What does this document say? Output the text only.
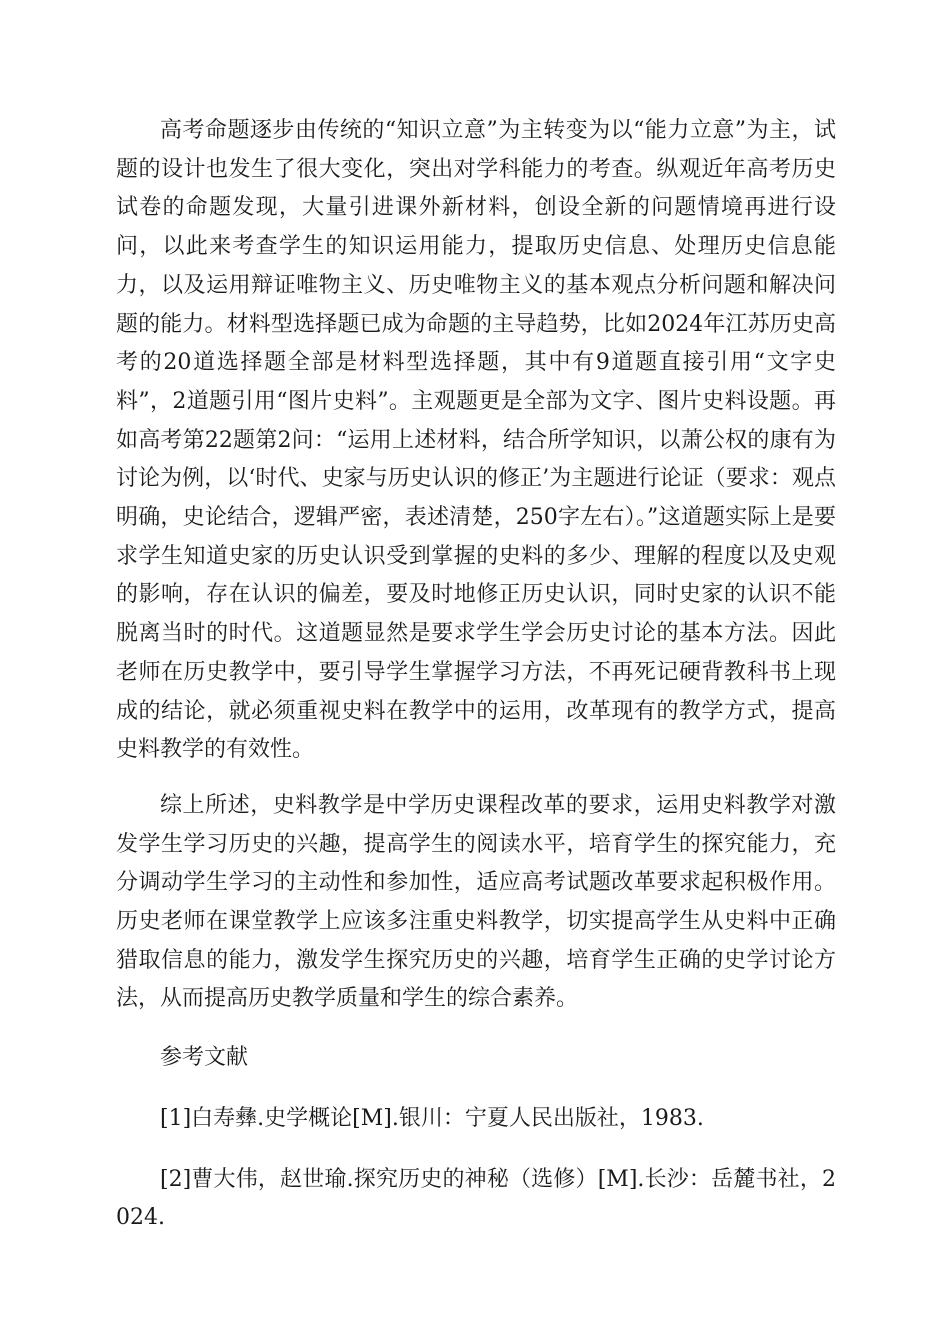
高考命题逐步由传统的“知识立意”为主转变为以“能力立意”为主，试题的设计也发生了很大变化，突出对学科能力的考查。纵观近年高考历史试卷的命题发现，大量引进课外新材料，创设全新的问题情境再进行设问，以此来考查学生的知识运用能力，提取历史信息、处理历史信息能力，以及运用辩证唯物主义、历史唯物主义的基本观点分析问题和解决问题的能力。材料型选择题已成为命题的主导趋势，比如2024年江苏历史高考的20道选择题全部是材料型选择题，其中有9道题直接引用“文字史料”，2道题引用“图片史料”。主观题更是全部为文字、图片史料设题。再如高考第22题第2问：“运用上述材料，结合所学知识，以萧公权的康有为讨论为例，以‘时代、史家与历史认识的修正’为主题进行论证（要求：观点明确，史论结合，逻辑严密，表述清楚，250字左右）。”这道题实际上是要求学生知道史家的历史认识受到掌握的史料的多少、理解的程度以及史观的影响，存在认识的偏差，要及时地修正历史认识，同时史家的认识不能脱离当时的时代。这道题显然是要求学生学会历史讨论的基本方法。因此老师在历史教学中，要引导学生掌握学习方法，不再死记硬背教科书上现成的结论，就必须重视史料在教学中的运用，改革现有的教学方式，提高史料教学的有效性。

综上所述，史料教学是中学历史课程改革的要求，运用史料教学对激发学生学习历史的兴趣，提高学生的阅读水平，培育学生的探究能力，充分调动学生学习的主动性和参加性，适应高考试题改革要求起积极作用。历史老师在课堂教学上应该多注重史料教学，切实提高学生从史料中正确猎取信息的能力，激发学生探究历史的兴趣，培育学生正确的史学讨论方法，从而提高历史教学质量和学生的综合素养。

参考文献

[1]白寿彝.史学概论[M].银川：宁夏人民出版社，1983.

[2]曹大伟，赵世瑜.探究历史的神秘（选修）[M].长沙：岳麓书社，2024.
